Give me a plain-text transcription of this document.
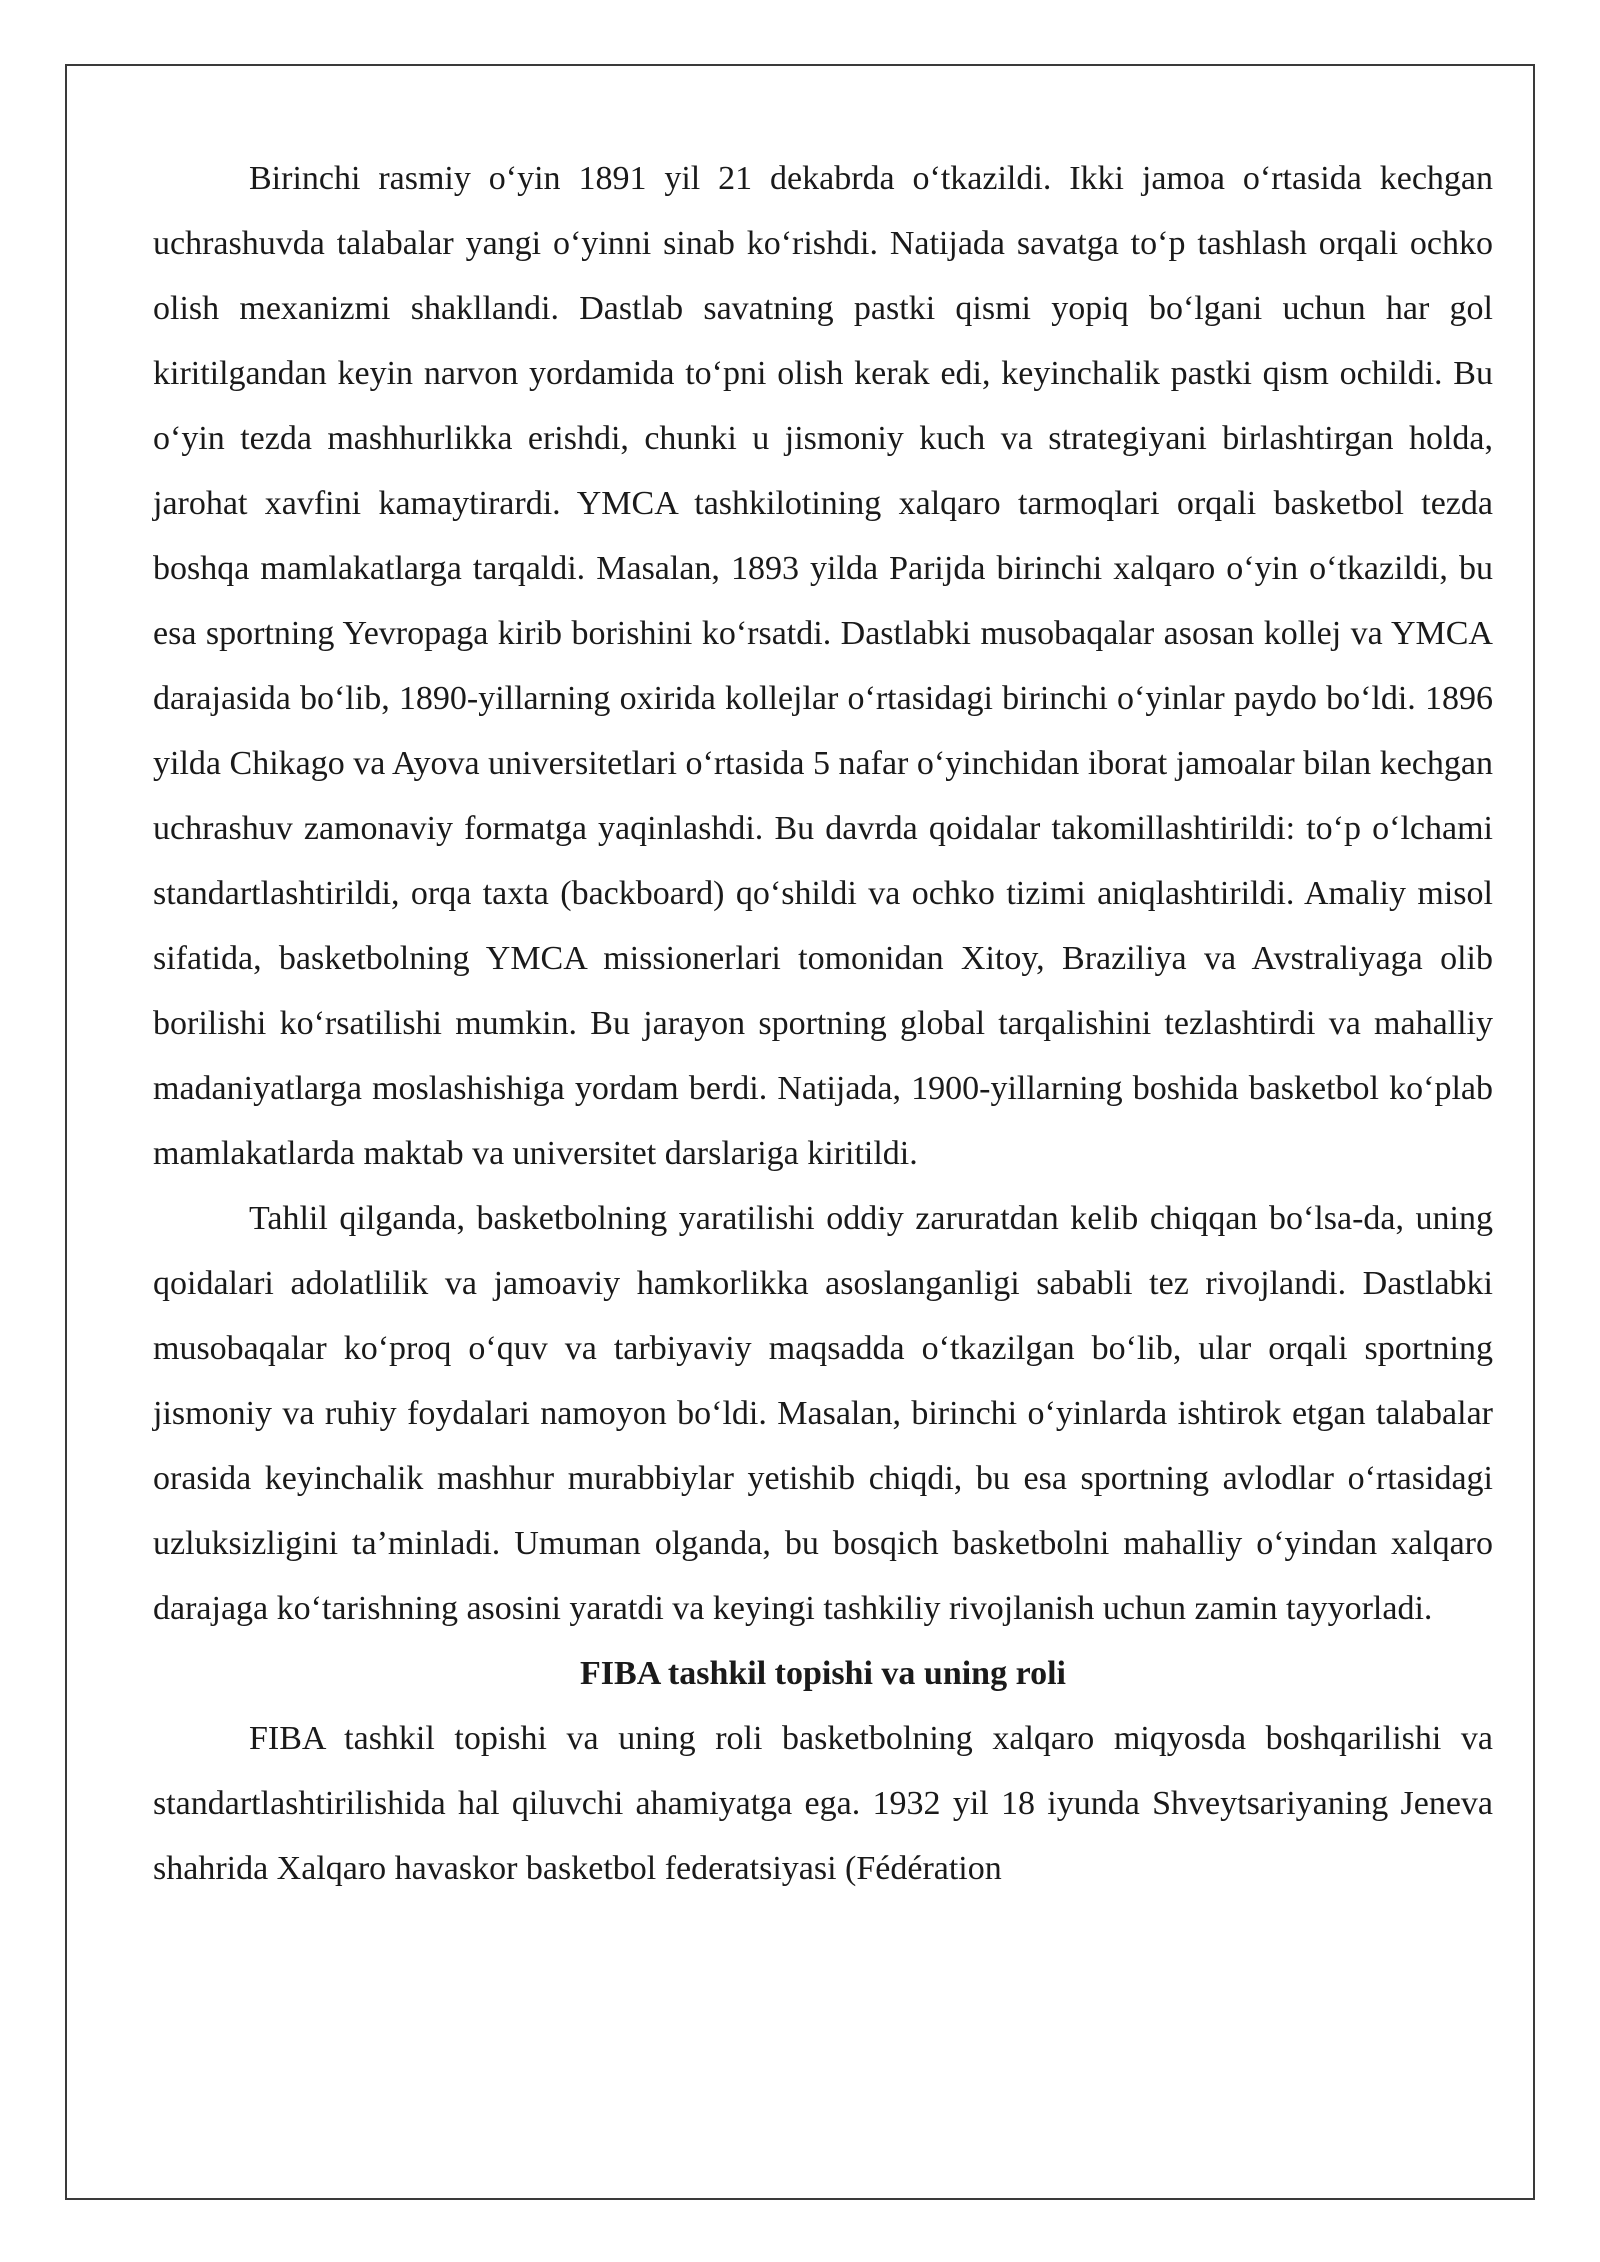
Birinchi rasmiy o‘yin 1891 yil 21 dekabrda o‘tkazildi. Ikki jamoa o‘rtasida kechgan uchrashuvda talabalar yangi o‘yinni sinab ko‘rishdi. Natijada savatga to‘p tashlash orqali ochko olish mexanizmi shakllandi. Dastlab savatning pastki qismi yopiq bo‘lgani uchun har gol kiritilgandan keyin narvon yordamida to‘pni olish kerak edi, keyinchalik pastki qism ochildi. Bu o‘yin tezda mashhurlikka erishdi, chunki u jismoniy kuch va strategiyani birlashtirgan holda, jarohat xavfini kamaytirardi. YMCA tashkilotining xalqaro tarmoqlari orqali basketbol tezda boshqa mamlakatlarga tarqaldi. Masalan, 1893 yilda Parijda birinchi xalqaro o‘yin o‘tkazildi, bu esa sportning Yevropaga kirib borishini ko‘rsatdi. Dastlabki musobaqalar asosan kollej va YMCA darajasida bo‘lib, 1890-yillarning oxirida kollejlar o‘rtasidagi birinchi o‘yinlar paydo bo‘ldi. 1896 yilda Chikago va Ayova universitetlari o‘rtasida 5 nafar o‘yinchidan iborat jamoalar bilan kechgan uchrashuv zamonaviy formatga yaqinlashdi. Bu davrda qoidalar takomillashtirildi: to‘p o‘lchami standartlashtirildi, orqa taxta (backboard) qo‘shildi va ochko tizimi aniqlashtirildi. Amaliy misol sifatida, basketbolning YMCA missionerlari tomonidan Xitoy, Braziliya va Avstraliyaga olib borilishi ko‘rsatilishi mumkin. Bu jarayon sportning global tarqalishini tezlashtirdi va mahalliy madaniyatlarga moslashishiga yordam berdi. Natijada, 1900-yillarning boshida basketbol ko‘plab mamlakatlarda maktab va universitet darslariga kiritildi.

Tahlil qilganda, basketbolning yaratilishi oddiy zaruratdan kelib chiqqan bo‘lsa-da, uning qoidalari adolatlilik va jamoaviy hamkorlikka asoslanganligi sababli tez rivojlandi. Dastlabki musobaqalar ko‘proq o‘quv va tarbiyaviy maqsadda o‘tkazilgan bo‘lib, ular orqali sportning jismoniy va ruhiy foydalari namoyon bo‘ldi. Masalan, birinchi o‘yinlarda ishtirok etgan talabalar orasida keyinchalik mashhur murabbiylar yetishib chiqdi, bu esa sportning avlodlar o‘rtasidagi uzluksizligini ta’minladi. Umuman olganda, bu bosqich basketbolni mahalliy o‘yindan xalqaro darajaga ko‘tarishning asosini yaratdi va keyingi tashkiliy rivojlanish uchun zamin tayyorladi.

FIBA tashkil topishi va uning roli

FIBA tashkil topishi va uning roli basketbolning xalqaro miqyosda boshqarilishi va standartlashtirilishida hal qiluvchi ahamiyatga ega. 1932 yil 18 iyunda Shveytsariyaning Jeneva shahrida Xalqaro havaskor basketbol federatsiyasi (Fédération
